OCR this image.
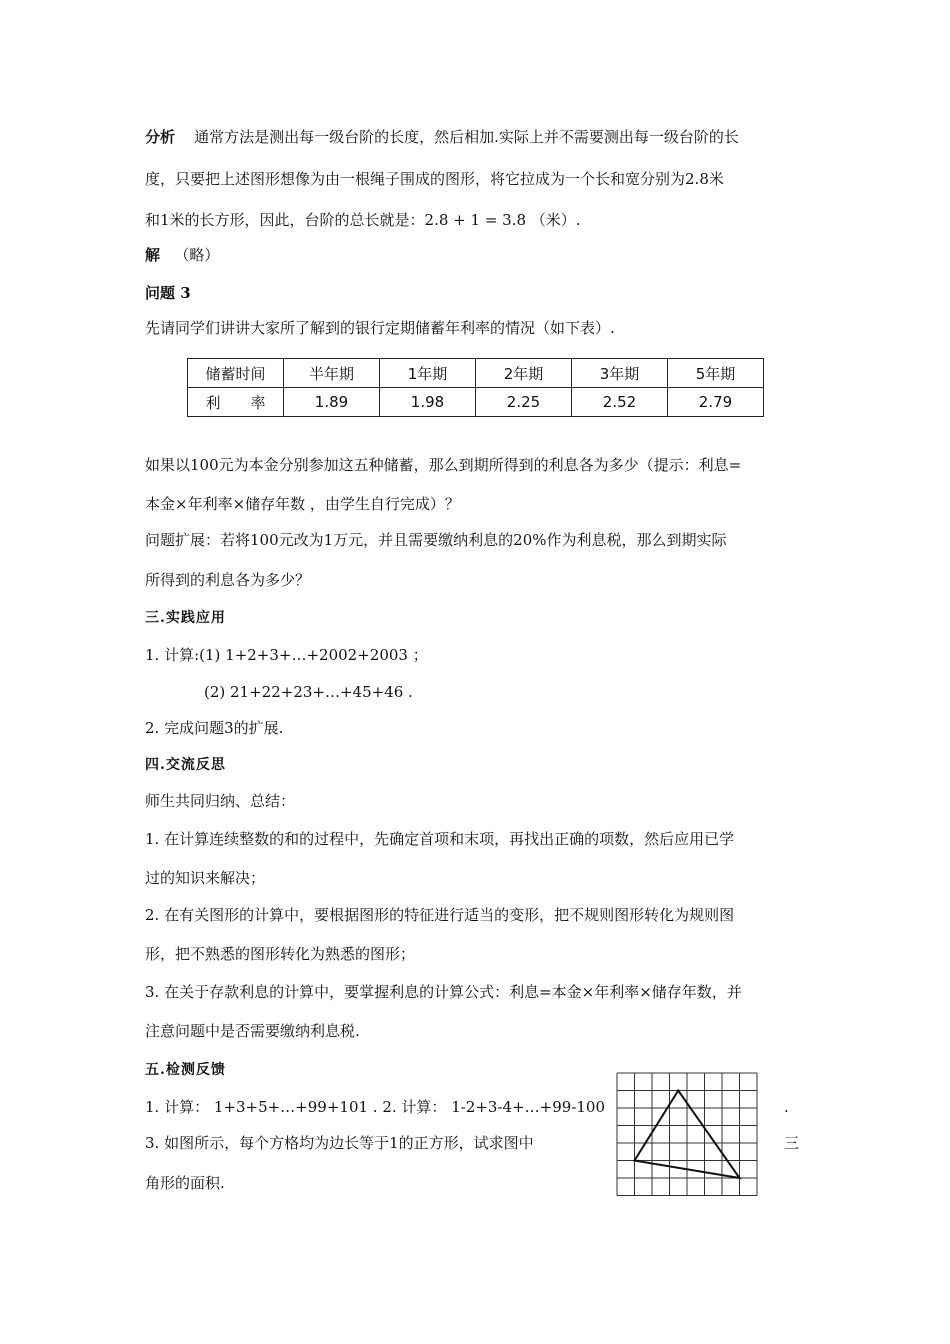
分析 通常方法是测出每一级台阶的长度，然后相加.实际上并不需要测出每一级台阶的长
度，只要把上述图形想像为由一根绳子围成的图形，将它拉成为一个长和宽分别为2.8米
和1米的长方形，因此，台阶的总长就是：2.8 + 1 = 3.8 （米）.
解 （略）
问题 3
先请同学们讲讲大家所了解到的银行定期储蓄年利率的情况（如下表）.
储蓄时间	半年期	1年期	2年期	3年期	5年期
利　　率	1.89	1.98	2.25	2.52	2.79
如果以100元为本金分别参加这五种储蓄，那么到期所得到的利息各为多少（提示：利息=
本金×年利率×储存年数 ，由学生自行完成）？
问题扩展：若将100元改为1万元，并且需要缴纳利息的20%作为利息税，那么到期实际
所得到的利息各为多少？
三.实践应用
1. 计算:(1) 1+2+3+…+2002+2003 ；
(2) 21+22+23+…+45+46 .
2. 完成问题3的扩展.
四.交流反思
师生共同归纳、总结：
1. 在计算连续整数的和的过程中，先确定首项和末项，再找出正确的项数，然后应用已学
过的知识来解决；
2. 在有关图形的计算中，要根据图形的特征进行适当的变形，把不规则图形转化为规则图
形，把不熟悉的图形转化为熟悉的图形；
3. 在关于存款利息的计算中，要掌握利息的计算公式：利息=本金×年利率×储存年数，并
注意问题中是否需要缴纳利息税.
五.检测反馈
1. 计算： 1+3+5+…+99+101 . 2. 计算： 1-2+3-4+…+99-100	.
3. 如图所示，每个方格均为边长等于1的正方形，试求图中	三
角形的面积.
